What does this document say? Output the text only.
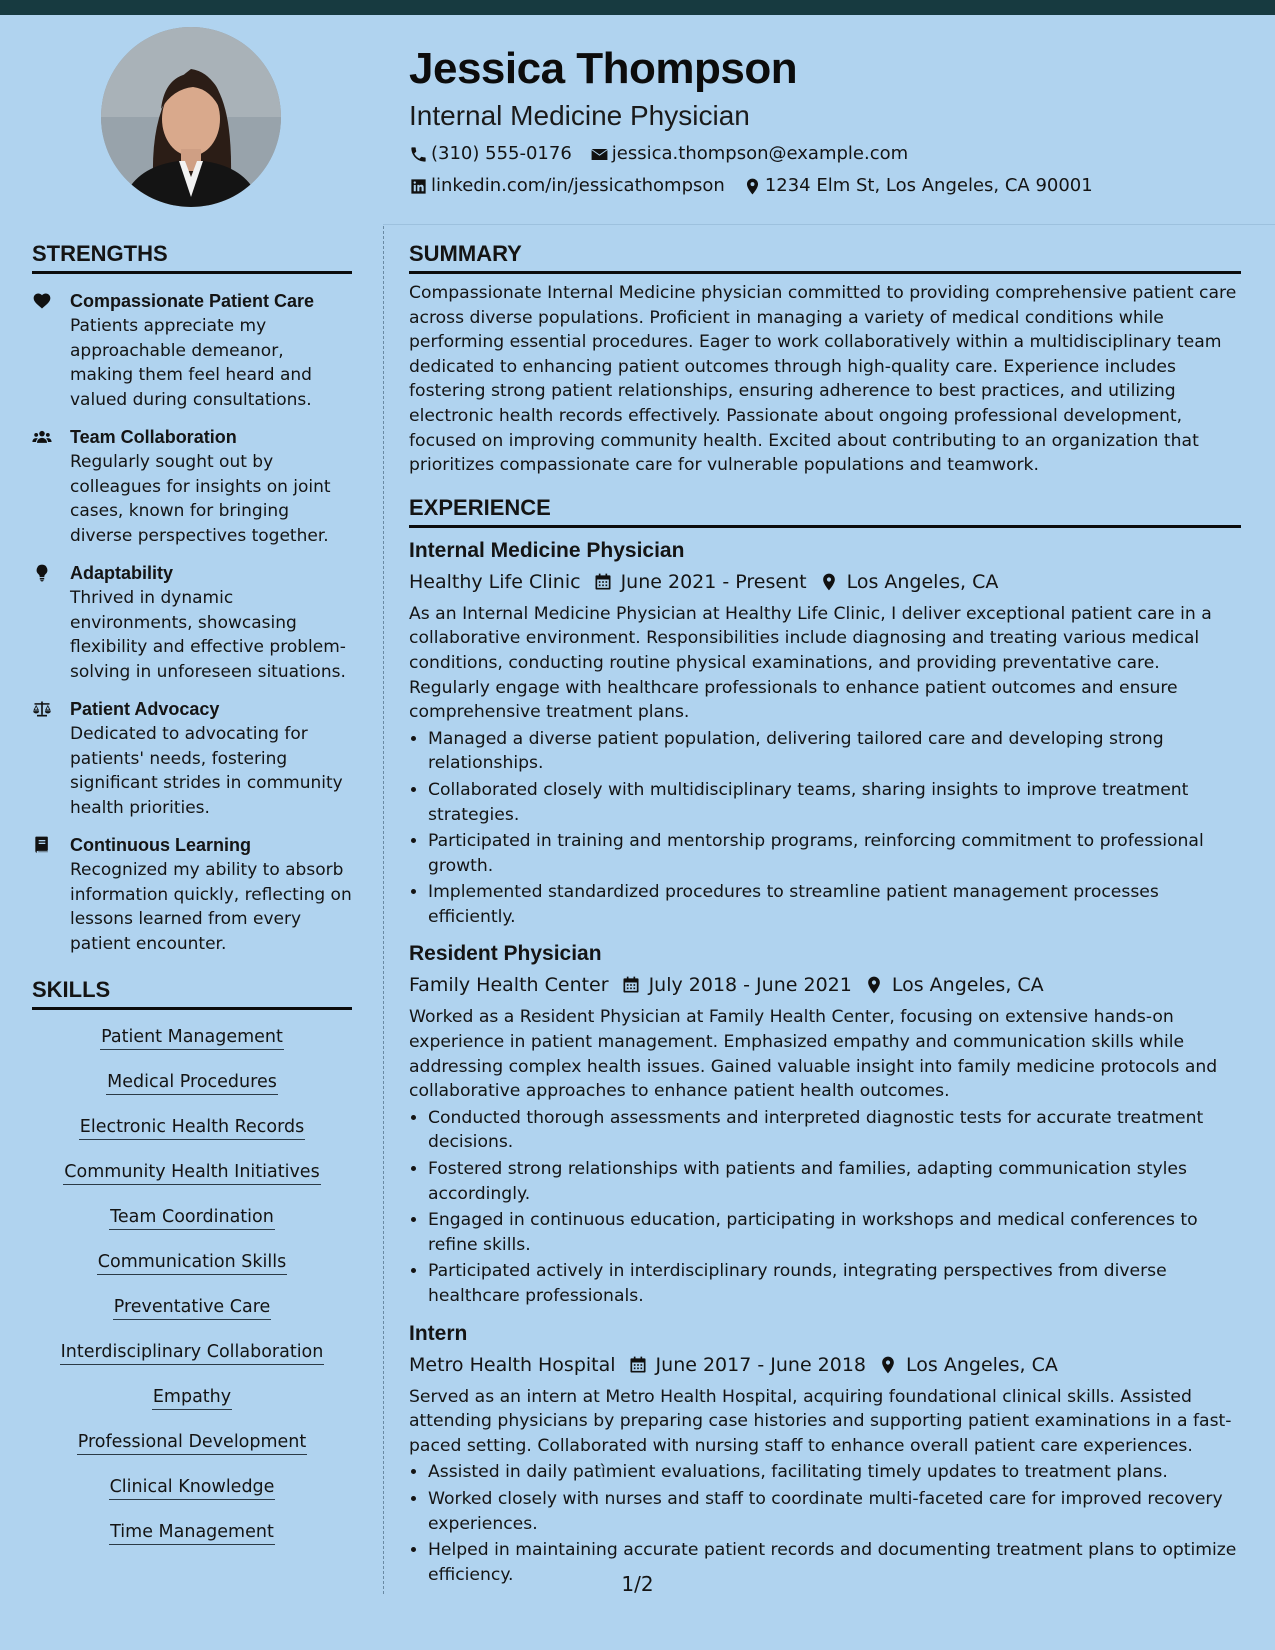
Jessica Thompson
Internal Medicine Physician
(310) 555-0176 jessica.thompson@example.com
linkedin.com/in/jessicathompson 1234 Elm St, Los Angeles, CA 90001
STRENGTHS
Compassionate Patient Care
Patients appreciate my approachable demeanor, making them feel heard and valued during consultations.
Team Collaboration
Regularly sought out by colleagues for insights on joint cases, known for bringing diverse perspectives together.
Adaptability
Thrived in dynamic environments, showcasing flexibility and effective problem-solving in unforeseen situations.
Patient Advocacy
Dedicated to advocating for patients' needs, fostering significant strides in community health priorities.
Continuous Learning
Recognized my ability to absorb information quickly, reflecting on lessons learned from every patient encounter.
SKILLS
Patient Management
Medical Procedures
Electronic Health Records
Community Health Initiatives
Team Coordination
Communication Skills
Preventative Care
Interdisciplinary Collaboration
Empathy
Professional Development
Clinical Knowledge
Time Management
SUMMARY

Compassionate Internal Medicine physician committed to providing comprehensive patient care across diverse populations. Proficient in managing a variety of medical conditions while performing essential procedures. Eager to work collaboratively within a multidisciplinary team dedicated to enhancing patient outcomes through high-quality care. Experience includes fostering strong patient relationships, ensuring adherence to best practices, and utilizing electronic health records effectively. Passionate about ongoing professional development, focused on improving community health. Excited about contributing to an organization that prioritizes compassionate care for vulnerable populations and teamwork.

EXPERIENCE
Internal Medicine Physician
Healthy Life Clinic June 2021 - Present Los Angeles, CA

As an Internal Medicine Physician at Healthy Life Clinic, I deliver exceptional patient care in a collaborative environment. Responsibilities include diagnosing and treating various medical conditions, conducting routine physical examinations, and providing preventative care. Regularly engage with healthcare professionals to enhance patient outcomes and ensure comprehensive treatment plans.

• Managed a diverse patient population, delivering tailored care and developing strong relationships.
• Collaborated closely with multidisciplinary teams, sharing insights to improve treatment strategies.
• Participated in training and mentorship programs, reinforcing commitment to professional growth.
• Implemented standardized procedures to streamline patient management processes efficiently.
Resident Physician
Family Health Center July 2018 - June 2021 Los Angeles, CA

Worked as a Resident Physician at Family Health Center, focusing on extensive hands-on experience in patient management. Emphasized empathy and communication skills while addressing complex health issues. Gained valuable insight into family medicine protocols and collaborative approaches to enhance patient health outcomes.

• Conducted thorough assessments and interpreted diagnostic tests for accurate treatment decisions.
• Fostered strong relationships with patients and families, adapting communication styles accordingly.
• Engaged in continuous education, participating in workshops and medical conferences to refine skills.
• Participated actively in interdisciplinary rounds, integrating perspectives from diverse healthcare professionals.
Intern
Metro Health Hospital June 2017 - June 2018 Los Angeles, CA

Served as an intern at Metro Health Hospital, acquiring foundational clinical skills. Assisted attending physicians by preparing case histories and supporting patient examinations in a fast-paced setting. Collaborated with nursing staff to enhance overall patient care experiences.

• Assisted in daily patìmient evaluations, facilitating timely updates to treatment plans.
• Worked closely with nurses and staff to coordinate multi-faceted care for improved recovery experiences.
• Helped in maintaining accurate patient records and documenting treatment plans to optimize efficiency.	1/2
